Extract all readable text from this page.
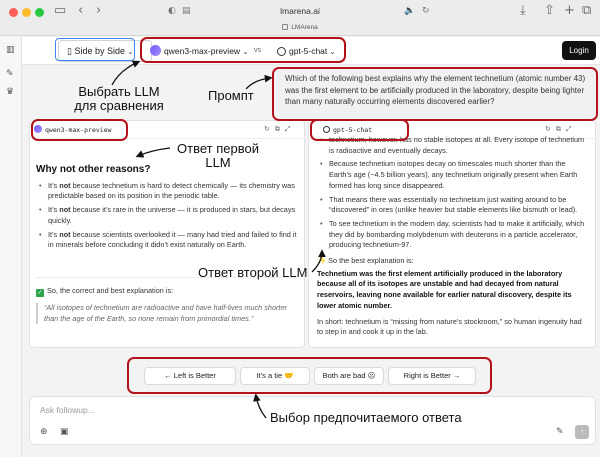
▭ ‹ ›	◐ ▤	lmarena.ai	🔈 ↻	⤓ ⇧ + ⧉
LMArena
▥
✎
♛
▯ Side by Side ⌄	qwen3-max-preview ⌄ vs	gpt-5-chat ⌄	Login
Which of the following best explains why the element technetium (atomic number 43) was the first element to be artificially produced in the laboratory, despite being lighter than many naturally occurring elements discovered earlier?
qwen3-max-preview	↻⧉⤢
Why not other reasons?
• It’s not because technetium is hard to detect chemically — its chemistry was predictable based on its position in the periodic table.
• It’s not because it’s rare in the universe — it is produced in stars, but decays quickly.
• It’s not because scientists overlooked it — many had tried and failed to find it in minerals before concluding it didn’t exist naturally on Earth.
✓ So, the correct and best explanation is:
“All isotopes of technetium are radioactive and have half-lives much shorter than the age of the Earth, so none remain from primordial times.”
gpt-5-chat	↻⧉⤢
• technetium, however, has no stable isotopes at all. Every isotope of technetium is radioactive and eventually decays.
• Because technetium isotopes decay on timescales much shorter than the Earth’s age (~4.5 billion years), any technetium originally present when Earth formed has long since disappeared.
• That means there was essentially no technetium just waiting around to be “discovered” in ores (unlike heavier but stable elements like bismuth or lead).
• To see technetium in the modern day, scientists had to make it artificially, which they did by bombarding molybdenum with deuterons in a particle accelerator, producing technetium-97.
✨ So the best explanation is:
Technetium was the first element artificially produced in the laboratory because all of its isotopes are unstable and had decayed from natural reservoirs, leaving none available for earlier natural discovery, despite its lower atomic number.
In short: technetium is “missing from nature’s stockroom,” so human ingenuity had to step in and cook it up in the lab.
← Left is Better	It’s a tie 🤝	Both are bad ☹	Right is Better →
Ask followup...
⊕ ▣	✎	↑
Выбрать LLM
для сравнения
Промпт
Ответ первой
LLM
Ответ второй LLM
Выбор предпочитаемого ответа
